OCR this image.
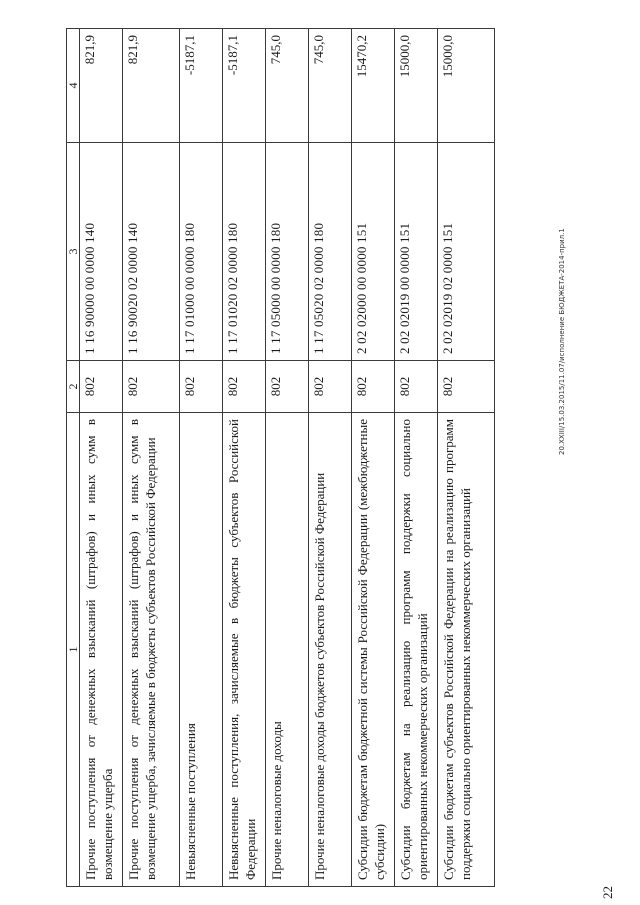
1	2	3	4
Прочие поступления от денежных взысканий (штрафов) и иных сумм в возмещение ущерба	802	1 16 90000 00 0000 140	821,9
Прочие поступления от денежных взысканий (штрафов) и иных сумм в возмещение ущерба, зачисляемые в бюджеты субъектов Российской Федерации	802	1 16 90020 02 0000 140	821,9
Невыясненные поступления	802	1 17 01000 00 0000 180	-5187,1
Невыясненные поступления, зачисляемые в бюджеты субъектов Российской Федерации	802	1 17 01020 02 0000 180	-5187,1
Прочие неналоговые доходы	802	1 17 05000 00 0000 180	745,0
Прочие неналоговые доходы бюджетов субъектов Российской Федерации	802	1 17 05020 02 0000 180	745,0
Субсидии бюджетам бюджетной системы Российской Федерации (межбюджетные субсидии)	802	2 02 02000 00 0000 151	15470,2
Субсидии бюджетам на реализацию программ поддержки социально ориентированных некоммерческих организаций	802	2 02 02019 00 0000 151	15000,0
Субсидии бюджетам субъектов Российской Федерации на реализацию программ поддержки социально ориентированных некоммерческих организаций	802	2 02 02019 02 0000 151	15000,0
22
20.XXIII/15.03.2015/11.07/исполнение БЮДЖЕТА-2014-прил.1
